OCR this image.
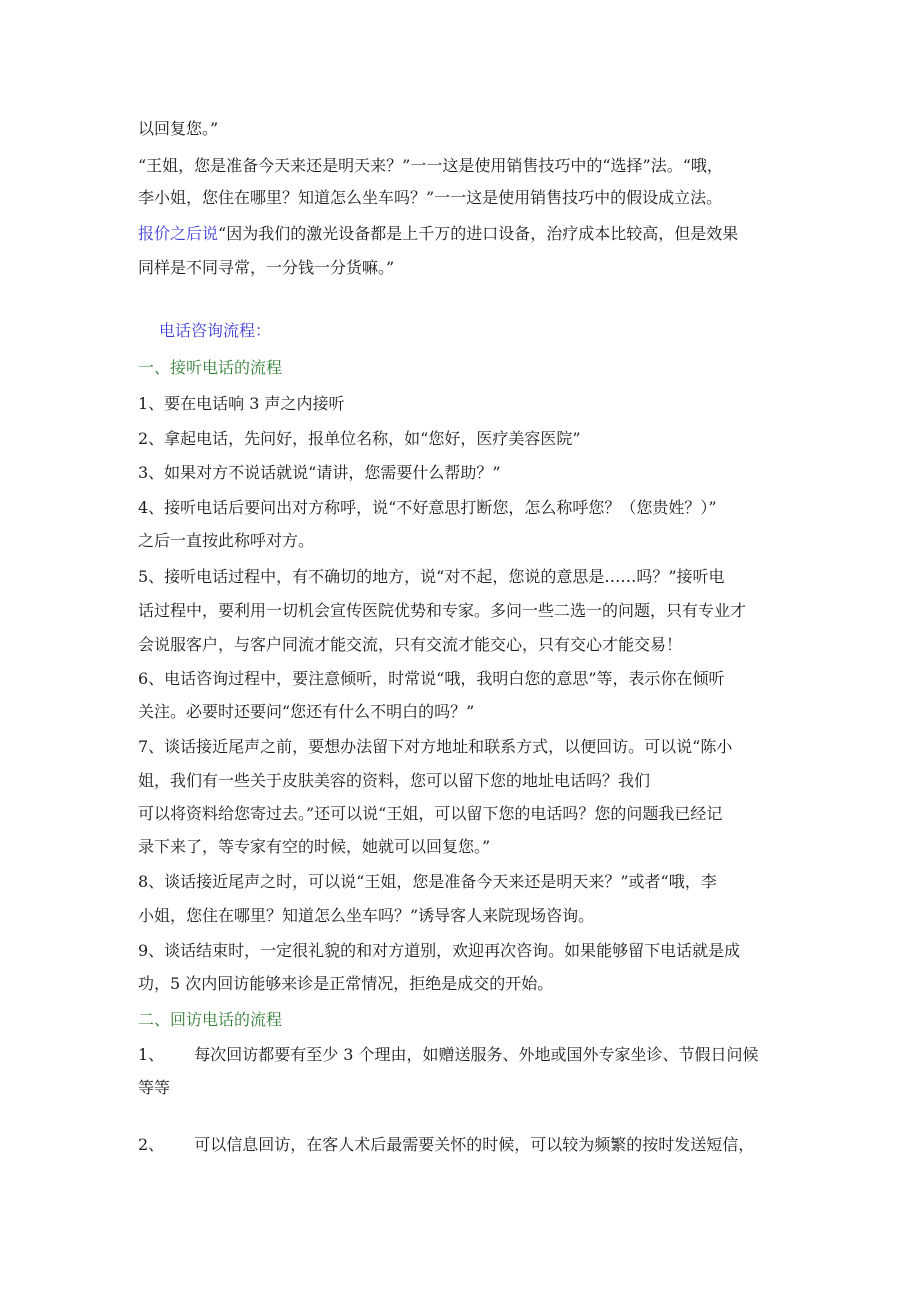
以回复您。”

“王姐，您是准备今天来还是明天来？”一一这是使用销售技巧中的“选择”法。“哦，

李小姐，您住在哪里？知道怎么坐车吗？”一一这是使用销售技巧中的假设成立法。

报价之后说“因为我们的激光设备都是上千万的进口设备，治疗成本比较高，但是效果

同样是不同寻常，一分钱一分货嘛。”

电话咨询流程：

一、接听电话的流程

1、要在电话响 3 声之内接听

2、拿起电话，先问好，报单位名称，如“您好，医疗美容医院”

3、如果对方不说话就说“请讲，您需要什么帮助？”

4、接听电话后要问出对方称呼，说“不好意思打断您，怎么称呼您？（您贵姓？）”

之后一直按此称呼对方。

5、接听电话过程中，有不确切的地方，说“对不起，您说的意思是……吗？”接听电

话过程中，要利用一切机会宣传医院优势和专家。多问一些二选一的问题，只有专业才

会说服客户，与客户同流才能交流，只有交流才能交心，只有交心才能交易！

6、电话咨询过程中，要注意倾听，时常说“哦，我明白您的意思”等，表示你在倾听

关注。必要时还要问“您还有什么不明白的吗？”

7、谈话接近尾声之前，要想办法留下对方地址和联系方式，以便回访。可以说“陈小

姐，我们有一些关于皮肤美容的资料，您可以留下您的地址电话吗？我们

可以将资料给您寄过去。”还可以说“王姐，可以留下您的电话吗？您的问题我已经记

录下来了，等专家有空的时候，她就可以回复您。”

8、谈话接近尾声之时，可以说“王姐，您是准备今天来还是明天来？”或者“哦，李

小姐，您住在哪里？知道怎么坐车吗？”诱导客人来院现场咨询。

9、谈话结束时，一定很礼貌的和对方道别，欢迎再次咨询。如果能够留下电话就是成

功，5 次内回访能够来诊是正常情况，拒绝是成交的开始。

二、回访电话的流程

1、 每次回访都要有至少 3 个理由，如赠送服务、外地或国外专家坐诊、节假日问候

等等

2、 可以信息回访，在客人术后最需要关怀的时候，可以较为频繁的按时发送短信，
